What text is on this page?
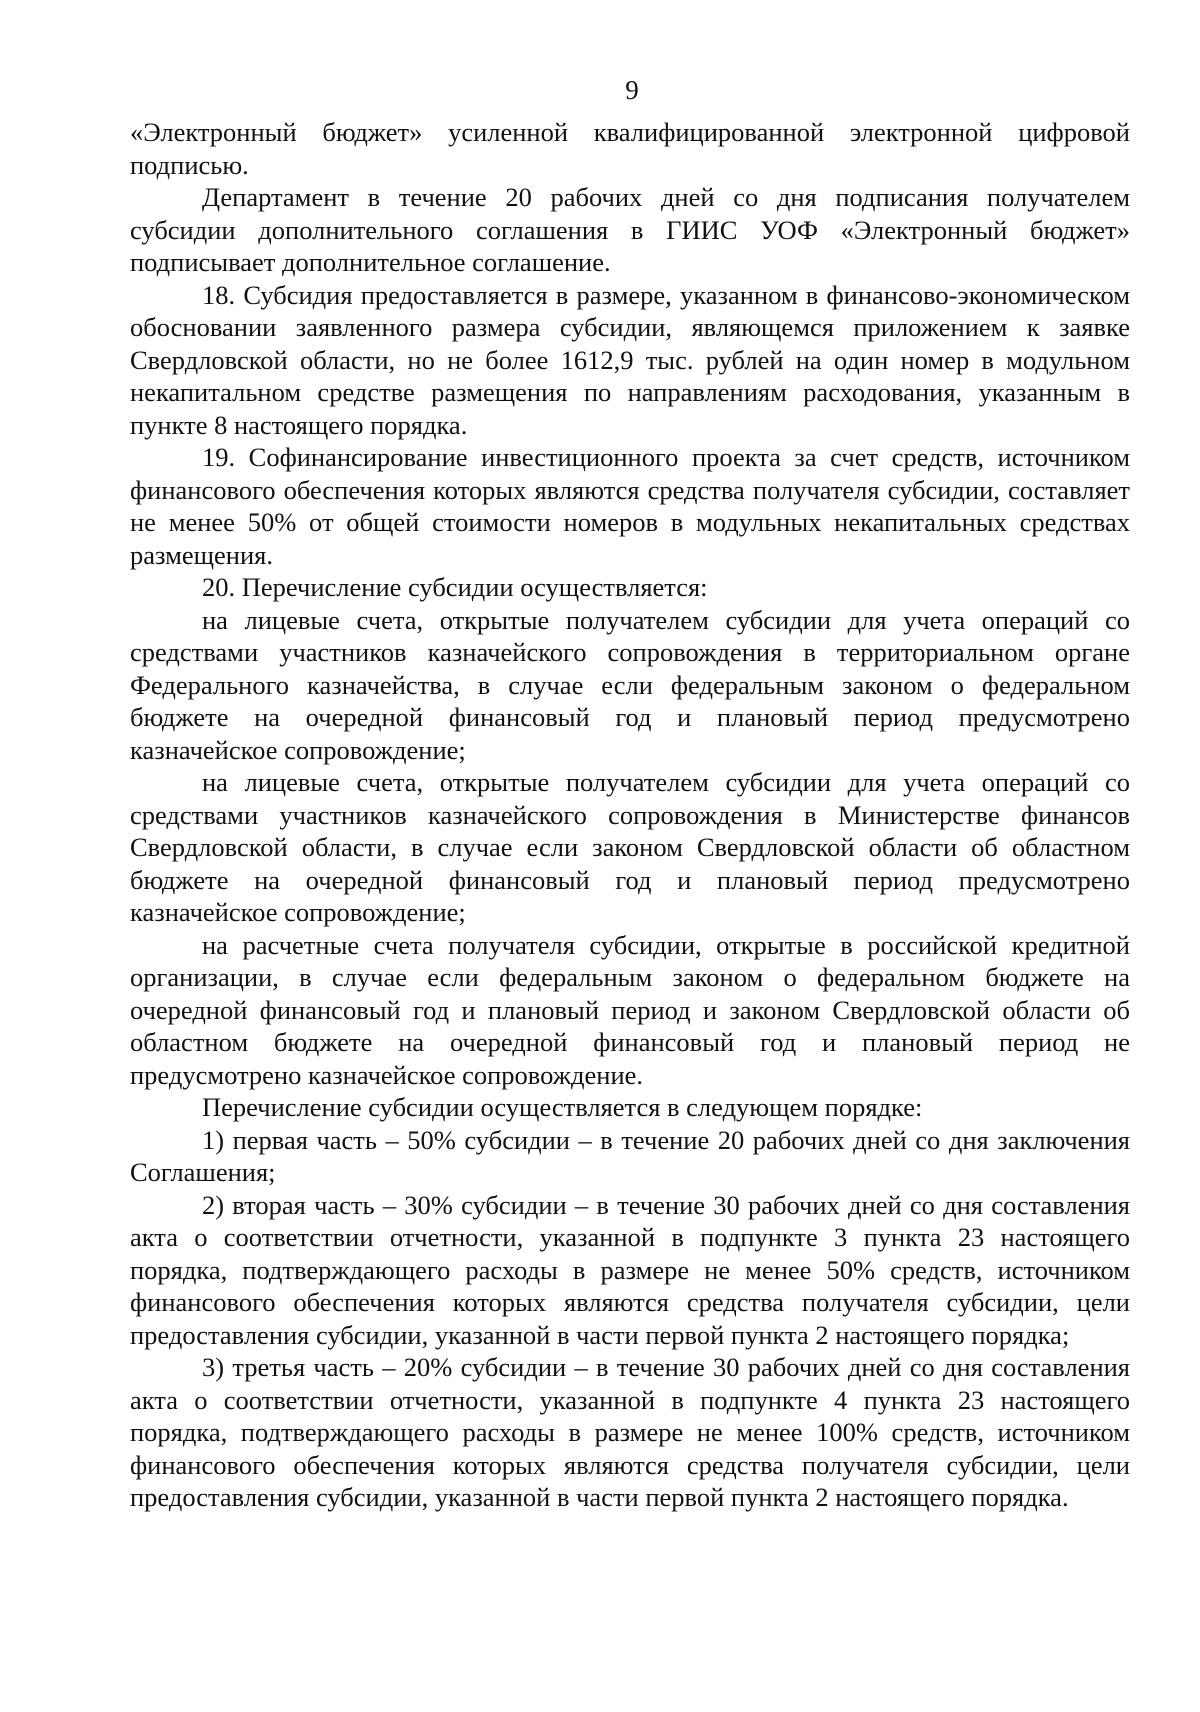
9

«Электронный бюджет» усиленной квалифицированной электронной цифровой подписью.

Департамент в течение 20 рабочих дней со дня подписания получателем субсидии дополнительного соглашения в ГИИС УОФ «Электронный бюджет» подписывает дополнительное соглашение.

18. Субсидия предоставляется в размере, указанном в финансово-экономическом обосновании заявленного размера субсидии, являющемся приложением к заявке Свердловской области, но не более 1612,9 тыс. рублей на один номер в модульном некапитальном средстве размещения по направлениям расходования, указанным в пункте 8 настоящего порядка.

19. Софинансирование инвестиционного проекта за счет средств, источником финансового обеспечения которых являются средства получателя субсидии, составляет не менее 50% от общей стоимости номеров в модульных некапитальных средствах размещения.

20. Перечисление субсидии осуществляется:

на лицевые счета, открытые получателем субсидии для учета операций со средствами участников казначейского сопровождения в территориальном органе Федерального казначейства, в случае если федеральным законом о федеральном бюджете на очередной финансовый год и плановый период предусмотрено казначейское сопровождение;

на лицевые счета, открытые получателем субсидии для учета операций со средствами участников казначейского сопровождения в Министерстве финансов Свердловской области, в случае если законом Свердловской области об областном бюджете на очередной финансовый год и плановый период предусмотрено казначейское сопровождение;

на расчетные счета получателя субсидии, открытые в российской кредитной организации, в случае если федеральным законом о федеральном бюджете на очередной финансовый год и плановый период и законом Свердловской области об областном бюджете на очередной финансовый год и плановый период не предусмотрено казначейское сопровождение.

Перечисление субсидии осуществляется в следующем порядке:

1) первая часть – 50% субсидии – в течение 20 рабочих дней со дня заключения Соглашения;

2) вторая часть – 30% субсидии – в течение 30 рабочих дней со дня составления акта о соответствии отчетности, указанной в подпункте 3 пункта 23 настоящего порядка, подтверждающего расходы в размере не менее 50% средств, источником финансового обеспечения которых являются средства получателя субсидии, цели предоставления субсидии, указанной в части первой пункта 2 настоящего порядка;

3) третья часть – 20% субсидии – в течение 30 рабочих дней со дня составления акта о соответствии отчетности, указанной в подпункте 4 пункта 23 настоящего порядка, подтверждающего расходы в размере не менее 100% средств, источником финансового обеспечения которых являются средства получателя субсидии, цели предоставления субсидии, указанной в части первой пункта 2 настоящего порядка.
